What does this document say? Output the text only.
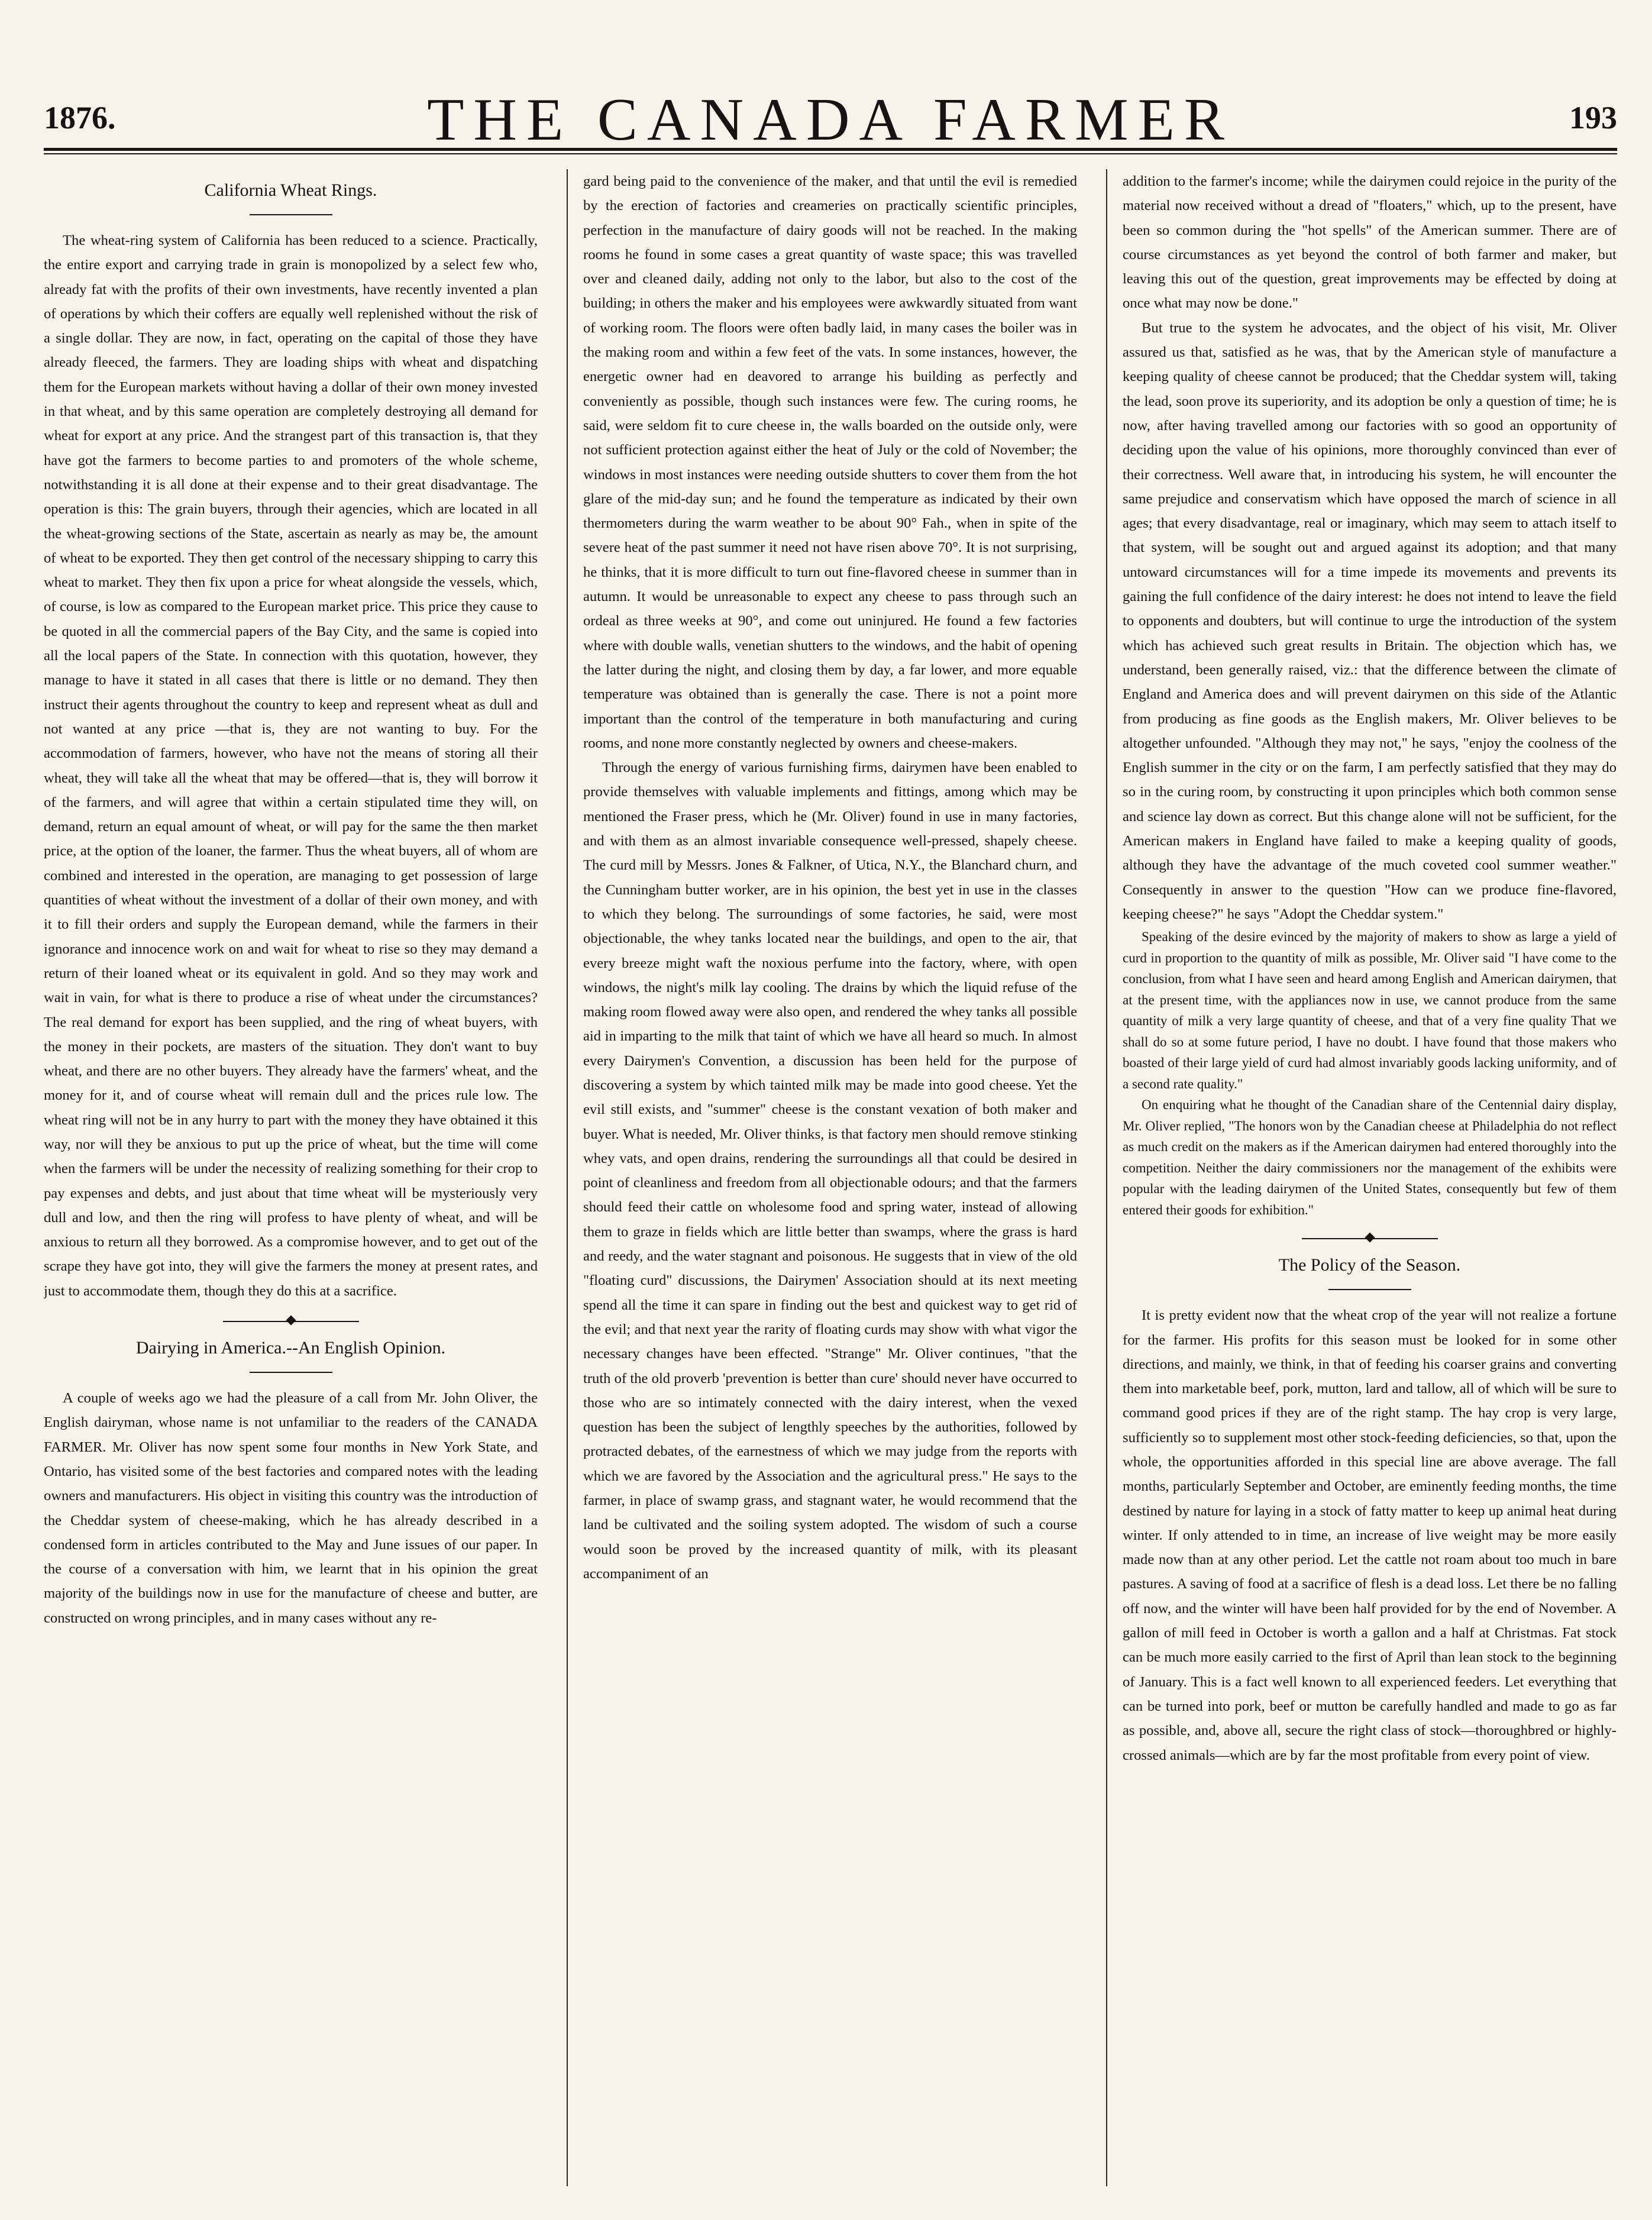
1876.	THE CANADA FARMER	193
California Wheat Rings.

The wheat-ring system of California has been reduced to a science. Practically, the entire export and carrying trade in grain is monopolized by a select few who, already fat with the profits of their own investments, have recently invented a plan of operations by which their coffers are equally well replenished without the risk of a single dollar. They are now, in fact, operating on the capital of those they have already fleeced, the farmers. They are loading ships with wheat and dispatching them for the European markets without having a dollar of their own money invested in that wheat, and by this same operation are completely destroying all demand for wheat for export at any price. And the strangest part of this transaction is, that they have got the farmers to become parties to and promoters of the whole scheme, notwithstanding it is all done at their expense and to their great disadvantage. The operation is this: The grain buyers, through their agencies, which are located in all the wheat-growing sections of the State, ascertain as nearly as may be, the amount of wheat to be exported. They then get control of the necessary shipping to carry this wheat to market. They then fix upon a price for wheat alongside the vessels, which, of course, is low as compared to the European market price. This price they cause to be quoted in all the commercial papers of the Bay City, and the same is copied into all the local papers of the State. In connection with this quotation, however, they manage to have it stated in all cases that there is little or no demand. They then instruct their agents throughout the country to keep and represent wheat as dull and not wanted at any price —that is, they are not wanting to buy. For the accommodation of farmers, however, who have not the means of storing all their wheat, they will take all the wheat that may be offered—that is, they will borrow it of the farmers, and will agree that within a certain stipulated time they will, on demand, return an equal amount of wheat, or will pay for the same the then market price, at the option of the loaner, the farmer. Thus the wheat buyers, all of whom are combined and interested in the operation, are managing to get possession of large quantities of wheat without the investment of a dollar of their own money, and with it to fill their orders and supply the European demand, while the farmers in their ignorance and innocence work on and wait for wheat to rise so they may demand a return of their loaned wheat or its equivalent in gold. And so they may work and wait in vain, for what is there to produce a rise of wheat under the circumstances? The real demand for export has been supplied, and the ring of wheat buyers, with the money in their pockets, are masters of the situation. They don't want to buy wheat, and there are no other buyers. They already have the farmers' wheat, and the money for it, and of course wheat will remain dull and the prices rule low. The wheat ring will not be in any hurry to part with the money they have obtained it this way, nor will they be anxious to put up the price of wheat, but the time will come when the farmers will be under the necessity of realizing something for their crop to pay expenses and debts, and just about that time wheat will be mysteriously very dull and low, and then the ring will profess to have plenty of wheat, and will be anxious to return all they borrowed. As a compromise however, and to get out of the scrape they have got into, they will give the farmers the money at present rates, and just to accommodate them, though they do this at a sacrifice.

Dairying in America.--An English Opinion.

A couple of weeks ago we had the pleasure of a call from Mr. John Oliver, the English dairyman, whose name is not unfamiliar to the readers of the CANADA FARMER. Mr. Oliver has now spent some four months in New York State, and Ontario, has visited some of the best factories and compared notes with the leading owners and manufacturers. His object in visiting this country was the introduction of the Cheddar system of cheese-making, which he has already described in a condensed form in articles contributed to the May and June issues of our paper. In the course of a conversation with him, we learnt that in his opinion the great majority of the buildings now in use for the manufacture of cheese and butter, are constructed on wrong principles, and in many cases without any re-

gard being paid to the convenience of the maker, and that until the evil is remedied by the erection of factories and creameries on practically scientific principles, perfection in the manufacture of dairy goods will not be reached. In the making rooms he found in some cases a great quantity of waste space; this was travelled over and cleaned daily, adding not only to the labor, but also to the cost of the building; in others the maker and his employees were awkwardly situated from want of working room. The floors were often badly laid, in many cases the boiler was in the making room and within a few feet of the vats. In some instances, however, the energetic owner had en deavored to arrange his building as perfectly and conveniently as possible, though such instances were few. The curing rooms, he said, were seldom fit to cure cheese in, the walls boarded on the outside only, were not sufficient protection against either the heat of July or the cold of November; the windows in most instances were needing outside shutters to cover them from the hot glare of the mid-day sun; and he found the temperature as indicated by their own thermometers during the warm weather to be about 90° Fah., when in spite of the severe heat of the past summer it need not have risen above 70°. It is not surprising, he thinks, that it is more difficult to turn out fine-flavored cheese in summer than in autumn. It would be unreasonable to expect any cheese to pass through such an ordeal as three weeks at 90°, and come out uninjured. He found a few factories where with double walls, venetian shutters to the windows, and the habit of opening the latter during the night, and closing them by day, a far lower, and more equable temperature was obtained than is generally the case. There is not a point more important than the control of the temperature in both manufacturing and curing rooms, and none more constantly neglected by owners and cheese-makers.

Through the energy of various furnishing firms, dairymen have been enabled to provide themselves with valuable implements and fittings, among which may be mentioned the Fraser press, which he (Mr. Oliver) found in use in many factories, and with them as an almost invariable consequence well-pressed, shapely cheese. The curd mill by Messrs. Jones & Falkner, of Utica, N.Y., the Blanchard churn, and the Cunningham butter worker, are in his opinion, the best yet in use in the classes to which they belong. The surroundings of some factories, he said, were most objectionable, the whey tanks located near the buildings, and open to the air, that every breeze might waft the noxious perfume into the factory, where, with open windows, the night's milk lay cooling. The drains by which the liquid refuse of the making room flowed away were also open, and rendered the whey tanks all possible aid in imparting to the milk that taint of which we have all heard so much. In almost every Dairymen's Convention, a discussion has been held for the purpose of discovering a system by which tainted milk may be made into good cheese. Yet the evil still exists, and "summer" cheese is the constant vexation of both maker and buyer. What is needed, Mr. Oliver thinks, is that factory men should remove stinking whey vats, and open drains, rendering the surroundings all that could be desired in point of cleanliness and freedom from all objectionable odours; and that the farmers should feed their cattle on wholesome food and spring water, instead of allowing them to graze in fields which are little better than swamps, where the grass is hard and reedy, and the water stagnant and poisonous. He suggests that in view of the old "floating curd" discussions, the Dairymen' Association should at its next meeting spend all the time it can spare in finding out the best and quickest way to get rid of the evil; and that next year the rarity of floating curds may show with what vigor the necessary changes have been effected. "Strange" Mr. Oliver continues, "that the truth of the old proverb 'prevention is better than cure' should never have occurred to those who are so intimately connected with the dairy interest, when the vexed question has been the subject of lengthly speeches by the authorities, followed by protracted debates, of the earnestness of which we may judge from the reports with which we are favored by the Association and the agricultural press." He says to the farmer, in place of swamp grass, and stagnant water, he would recommend that the land be cultivated and the soiling system adopted. The wisdom of such a course would soon be proved by the increased quantity of milk, with its pleasant accompaniment of an

addition to the farmer's income; while the dairymen could rejoice in the purity of the material now received without a dread of "floaters," which, up to the present, have been so common during the "hot spells" of the American summer. There are of course circumstances as yet beyond the control of both farmer and maker, but leaving this out of the question, great improvements may be effected by doing at once what may now be done."

But true to the system he advocates, and the object of his visit, Mr. Oliver assured us that, satisfied as he was, that by the American style of manufacture a keeping quality of cheese cannot be produced; that the Cheddar system will, taking the lead, soon prove its superiority, and its adoption be only a question of time; he is now, after having travelled among our factories with so good an opportunity of deciding upon the value of his opinions, more thoroughly convinced than ever of their correctness. Well aware that, in introducing his system, he will encounter the same prejudice and conservatism which have opposed the march of science in all ages; that every disadvantage, real or imaginary, which may seem to attach itself to that system, will be sought out and argued against its adoption; and that many untoward circumstances will for a time impede its movements and prevents its gaining the full confidence of the dairy interest: he does not intend to leave the field to opponents and doubters, but will continue to urge the introduction of the system which has achieved such great results in Britain. The objection which has, we understand, been generally raised, viz.: that the difference between the climate of England and America does and will prevent dairymen on this side of the Atlantic from producing as fine goods as the English makers, Mr. Oliver believes to be altogether unfounded. "Although they may not," he says, "enjoy the coolness of the English summer in the city or on the farm, I am perfectly satisfied that they may do so in the curing room, by constructing it upon principles which both common sense and science lay down as correct. But this change alone will not be sufficient, for the American makers in England have failed to make a keeping quality of goods, although they have the advantage of the much coveted cool summer weather." Consequently in answer to the question "How can we produce fine-flavored, keeping cheese?" he says "Adopt the Cheddar system."

Speaking of the desire evinced by the majority of makers to show as large a yield of curd in proportion to the quantity of milk as possible, Mr. Oliver said "I have come to the conclusion, from what I have seen and heard among English and American dairymen, that at the present time, with the appliances now in use, we cannot produce from the same quantity of milk a very large quantity of cheese, and that of a very fine quality That we shall do so at some future period, I have no doubt. I have found that those makers who boasted of their large yield of curd had almost invariably goods lacking uniformity, and of a second rate quality."

On enquiring what he thought of the Canadian share of the Centennial dairy display, Mr. Oliver replied, "The honors won by the Canadian cheese at Philadelphia do not reflect as much credit on the makers as if the American dairymen had entered thoroughly into the competition. Neither the dairy commissioners nor the management of the exhibits were popular with the leading dairymen of the United States, consequently but few of them entered their goods for exhibition."

The Policy of the Season.

It is pretty evident now that the wheat crop of the year will not realize a fortune for the farmer. His profits for this season must be looked for in some other directions, and mainly, we think, in that of feeding his coarser grains and converting them into marketable beef, pork, mutton, lard and tallow, all of which will be sure to command good prices if they are of the right stamp. The hay crop is very large, sufficiently so to supplement most other stock-feeding deficiencies, so that, upon the whole, the opportunities afforded in this special line are above average. The fall months, particularly September and October, are eminently feeding months, the time destined by nature for laying in a stock of fatty matter to keep up animal heat during winter. If only attended to in time, an increase of live weight may be more easily made now than at any other period. Let the cattle not roam about too much in bare pastures. A saving of food at a sacrifice of flesh is a dead loss. Let there be no falling off now, and the winter will have been half provided for by the end of November. A gallon of mill feed in October is worth a gallon and a half at Christmas. Fat stock can be much more easily carried to the first of April than lean stock to the beginning of January. This is a fact well known to all experienced feeders. Let everything that can be turned into pork, beef or mutton be carefully handled and made to go as far as possible, and, above all, secure the right class of stock—thoroughbred or highly-crossed animals—which are by far the most profitable from every point of view.
